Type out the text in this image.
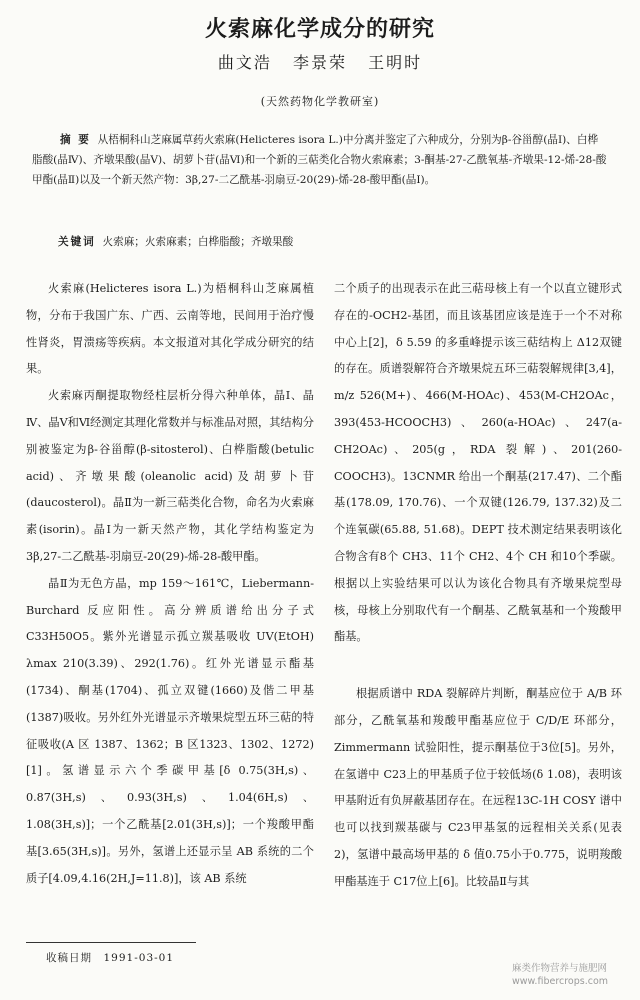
火索麻化学成分的研究
曲文浩 李景荣 王明时
(天然药物化学教研室)
摘 要 从梧桐科山芝麻属草药火索麻(Helicteres isora L.)中分离并鉴定了六种成分，分别为β-谷甾醇(晶Ⅰ)、白桦脂酸(晶Ⅳ)、齐墩果酸(晶Ⅴ)、胡萝卜苷(晶Ⅵ)和一个新的三萜类化合物火索麻素；3-酮基-27-乙酰氧基-齐墩果-12-烯-28-酸甲酯(晶Ⅱ)以及一个新天然产物：3β,27-二乙酰基-羽扇豆-20(29)-烯-28-酸甲酯(晶Ⅰ)。
关键词 火索麻；火索麻素；白桦脂酸；齐墩果酸

火索麻(Helicteres isora L.)为梧桐科山芝麻属植物，分布于我国广东、广西、云南等地，民间用于治疗慢性肾炎，胃溃疡等疾病。本文报道对其化学成分研究的结果。

火索麻丙酮提取物经柱层析分得六种单体，晶Ⅰ、晶Ⅳ、晶Ⅴ和Ⅵ经测定其理化常数并与标准品对照，其结构分别被鉴定为β-谷甾醇(β-sitosterol)、白桦脂酸(betulic acid)、齐墩果酸(oleanolic acid)及胡萝卜苷(daucosterol)。晶Ⅱ为一新三萜类化合物，命名为火索麻素(isorin)。晶Ⅰ为一新天然产物，其化学结构鉴定为3β,27-二乙酰基-羽扇豆-20(29)-烯-28-酸甲酯。

晶Ⅱ为无色方晶，mp 159～161℃，Liebermann-Burchard 反应阳性。高分辨质谱给出分子式 C33H50O5。紫外光谱显示孤立羰基吸收 UV(EtOH) λmax 210(3.39)、292(1.76)。红外光谱显示酯基(1734)、酮基(1704)、孤立双键(1660)及偕二甲基(1387)吸收。另外红外光谱显示齐墩果烷型五环三萜的特征吸收(A 区 1387、1362；B 区1323、1302、1272)[1]。氢谱显示六个季碳甲基[δ 0.75(3H,s)、0.87(3H,s)、0.93(3H,s)、1.04(6H,s)、1.08(3H,s)]；一个乙酰基[2.01(3H,s)]；一个羧酸甲酯基[3.65(3H,s)]。另外，氢谱上还显示呈 AB 系统的二个质子[4.09,4.16(2H,J=11.8)]，该 AB 系统

二个质子的出现表示在此三萜母核上有一个以直立键形式存在的-OCH2-基团，而且该基团应该是连于一个不对称中心上[2]，δ 5.59 的多重峰提示该三萜结构上 Δ12双键的存在。质谱裂解符合齐墩果烷五环三萜裂解规律[3,4]，m/z 526(M+)、466(M-HOAc)、453(M-CH2OAc，393(453-HCOOCH3)、260(a-HOAc)、247(a-CH2OAc)、205(g，RDA 裂解)、201(260-COOCH3)。13CNMR 给出一个酮基(217.47)、二个酯基(178.09, 170.76)、一个双键(126.79, 137.32)及二个连氧碳(65.88, 51.68)。DEPT 技术测定结果表明该化合物含有8个 CH3、11个 CH2、4个 CH 和10个季碳。根据以上实验结果可以认为该化合物具有齐墩果烷型母核，母核上分别取代有一个酮基、乙酰氧基和一个羧酸甲酯基。

根据质谱中 RDA 裂解碎片判断，酮基应位于 A/B 环部分，乙酰氧基和羧酸甲酯基应位于 C/D/E 环部分，Zimmermann 试验阳性，提示酮基位于3位[5]。另外，在氢谱中 C23上的甲基质子位于较低场(δ 1.08)，表明该甲基附近有负屏蔽基团存在。在远程13C-1H COSY 谱中也可以找到羰基碳与 C23甲基氢的远程相关关系(见表2)，氢谱中最高场甲基的 δ 值0.75小于0.775，说明羧酸甲酯基连于 C17位上[6]。比较晶Ⅱ与其

收稿日期　1991-03-01
麻类作物营养与施肥网 www.fibercrops.com
